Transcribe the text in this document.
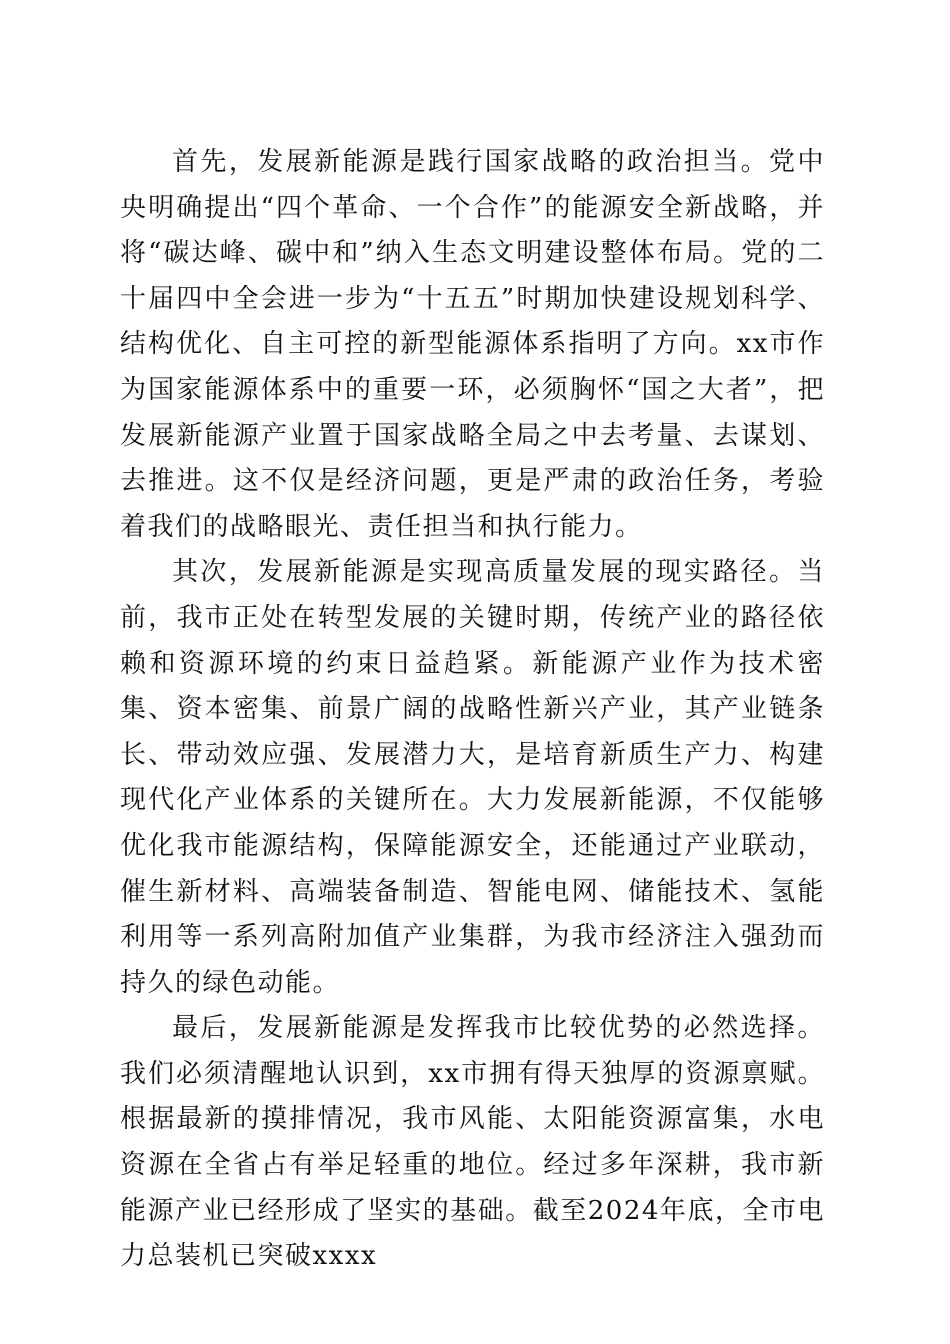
首先，发展新能源是践行国家战略的政治担当。党中央明确提出“四个革命、一个合作”的能源安全新战略，并将“碳达峰、碳中和”纳入生态文明建设整体布局。党的二十届四中全会进一步为“十五五”时期加快建设规划科学、结构优化、自主可控的新型能源体系指明了方向。xx市作为国家能源体系中的重要一环，必须胸怀“国之大者”，把发展新能源产业置于国家战略全局之中去考量、去谋划、去推进。这不仅是经济问题，更是严肃的政治任务，考验着我们的战略眼光、责任担当和执行能力。

其次，发展新能源是实现高质量发展的现实路径。当前，我市正处在转型发展的关键时期，传统产业的路径依赖和资源环境的约束日益趋紧。新能源产业作为技术密集、资本密集、前景广阔的战略性新兴产业，其产业链条长、带动效应强、发展潜力大，是培育新质生产力、构建现代化产业体系的关键所在。大力发展新能源，不仅能够优化我市能源结构，保障能源安全，还能通过产业联动，催生新材料、高端装备制造、智能电网、储能技术、氢能利用等一系列高附加值产业集群，为我市经济注入强劲而持久的绿色动能。

最后，发展新能源是发挥我市比较优势的必然选择。我们必须清醒地认识到，xx市拥有得天独厚的资源禀赋。根据最新的摸排情况，我市风能、太阳能资源富集，水电资源在全省占有举足轻重的地位。经过多年深耕，我市新能源产业已经形成了坚实的基础。截至2024年底，全市电力总装机已突破xxxx
